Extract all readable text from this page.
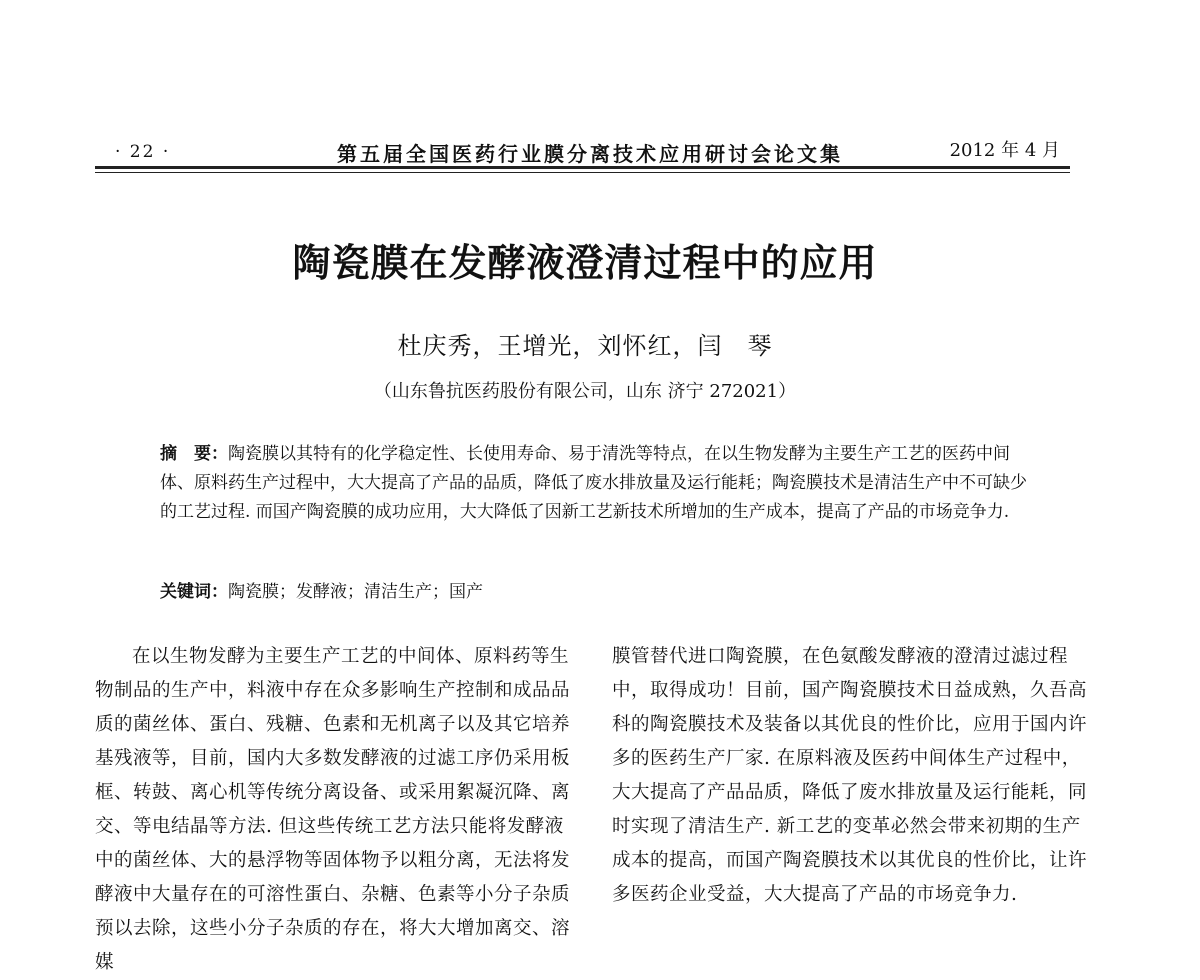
· 22 ·	第五届全国医药行业膜分离技术应用研讨会论文集	2012 年 4 月
陶瓷膜在发酵液澄清过程中的应用
杜庆秀，王增光，刘怀红，闫　琴
（山东鲁抗医药股份有限公司，山东 济宁 272021）
摘　要：陶瓷膜以其特有的化学稳定性、长使用寿命、易于清洗等特点，在以生物发酵为主要生产工艺的医药中间体、原料药生产过程中，大大提高了产品的品质，降低了废水排放量及运行能耗；陶瓷膜技术是清洁生产中不可缺少的工艺过程. 而国产陶瓷膜的成功应用，大大降低了因新工艺新技术所增加的生产成本，提高了产品的市场竞争力.
关键词：陶瓷膜；发酵液；清洁生产；国产
在以生物发酵为主要生产工艺的中间体、原料药等生物制品的生产中，料液中存在众多影响生产控制和成品品质的菌丝体、蛋白、残糖、色素和无机离子以及其它培养基残液等，目前，国内大多数发酵液的过滤工序仍采用板框、转鼓、离心机等传统分离设备、或采用絮凝沉降、离交、等电结晶等方法. 但这些传统工艺方法只能将发酵液中的菌丝体、大的悬浮物等固体物予以粗分离，无法将发酵液中大量存在的可溶性蛋白、杂糖、色素等小分子杂质预以去除，这些小分子杂质的存在，将大大增加离交、溶媒
膜管替代进口陶瓷膜，在色氨酸发酵液的澄清过滤过程中，取得成功！目前，国产陶瓷膜技术日益成熟，久吾高科的陶瓷膜技术及装备以其优良的性价比，应用于国内许多的医药生产厂家. 在原料液及医药中间体生产过程中，大大提高了产品品质，降低了废水排放量及运行能耗，同时实现了清洁生产. 新工艺的变革必然会带来初期的生产成本的提高，而国产陶瓷膜技术以其优良的性价比，让许多医药企业受益，大大提高了产品的市场竞争力.
